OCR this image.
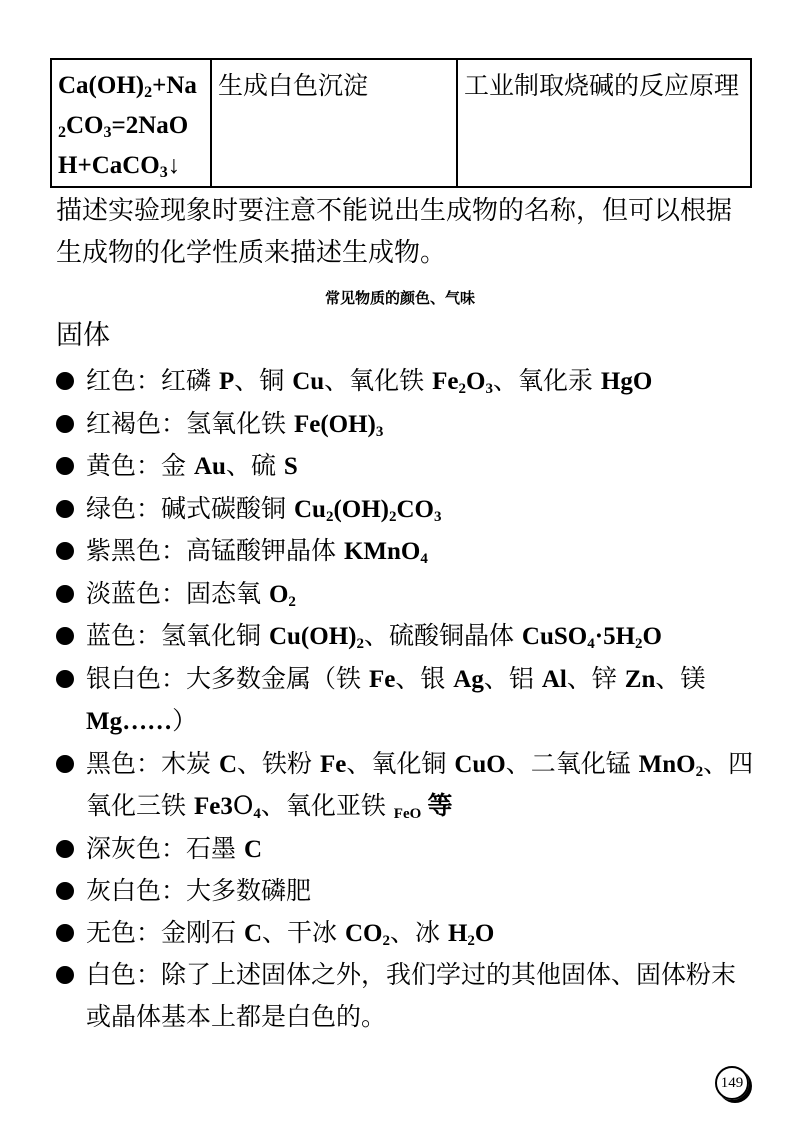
$Ca(OH)_2+Na_2CO_3=2NaOH+CaCO_3↓$	生成白色沉淀	工业制取烧碱的反应原理
描述实验现象时要注意不能说出生成物的名称，但可以根据生成物的化学性质来描述生成物。
常见物质的颜色、气味
固体
红色：红磷 P、铜 Cu、氧化铁 $Fe_2O_3$、氧化汞 HgO
红褐色：氢氧化铁 $Fe(OH)_3$
黄色：金 Au、硫 S
绿色：碱式碳酸铜 $Cu_2(OH)_2CO_3$
紫黑色：高锰酸钾晶体 KMnO$_4$
淡蓝色：固态氧 $O_2$
蓝色：氢氧化铜 $Cu(OH)_2$、硫酸铜晶体 $CuSO_4\cdot 5H_2O$
银白色：大多数金属（铁 Fe、银 Ag、铝 Al、锌 Zn、镁 Mg……）
黑色：木炭 C、铁粉 Fe、氧化铜 CuO、二氧化锰 MnO$_2$、四氧化三铁 $Fe3O_4$、氧化亚铁 $_{FeO}$ 等
深灰色：石墨 C
灰白色：大多数磷肥
无色：金刚石 C、干冰 $CO_2$、冰 $H_2O$
白色：除了上述固体之外，我们学过的其他固体、固体粉末或晶体基本上都是白色的。
149
